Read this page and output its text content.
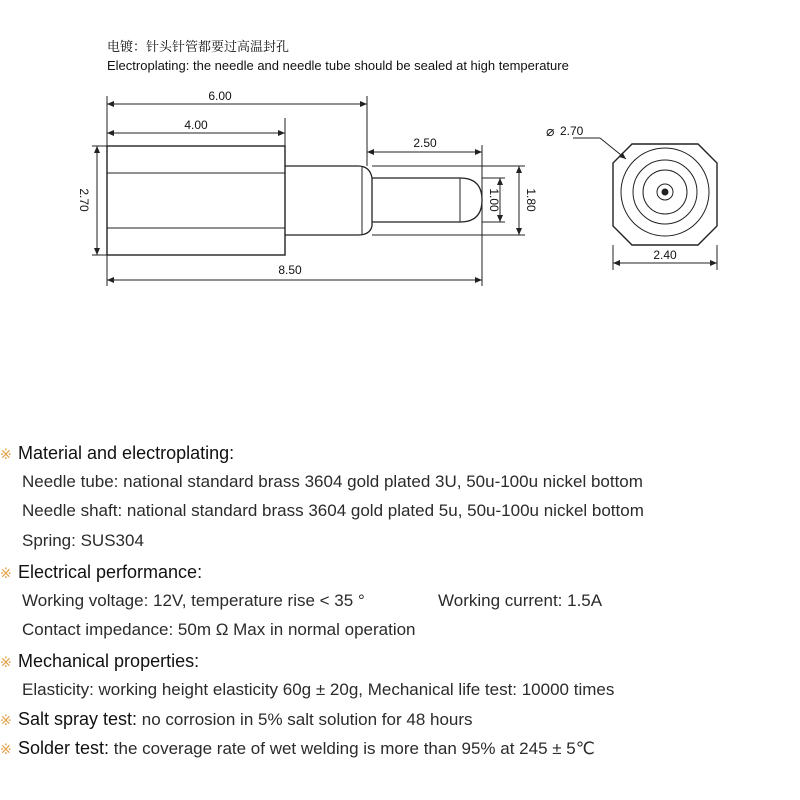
电镀：针头针管都要过高温封孔
Electroplating: the needle and needle tube should be sealed at high temperature
6.00
4.00
2.50
2.70	1.00 1.80
8.50
⌀ 2.70
2.40
※ Material and electroplating:
Needle tube: national standard brass 3604 gold plated 3U, 50u-100u nickel bottom
Needle shaft: national standard brass 3604 gold plated 5u, 50u-100u nickel bottom
Spring: SUS304
※ Electrical performance:
Working voltage: 12V, temperature rise < 35 °	Working current: 1.5A
Contact impedance: 50m Ω Max in normal operation
※ Mechanical properties:
Elasticity: working height elasticity 60g ± 20g, Mechanical life test: 10000 times
※ Salt spray test: no corrosion in 5% salt solution for 48 hours
※ Solder test: the coverage rate of wet welding is more than 95% at 245 ± 5℃
